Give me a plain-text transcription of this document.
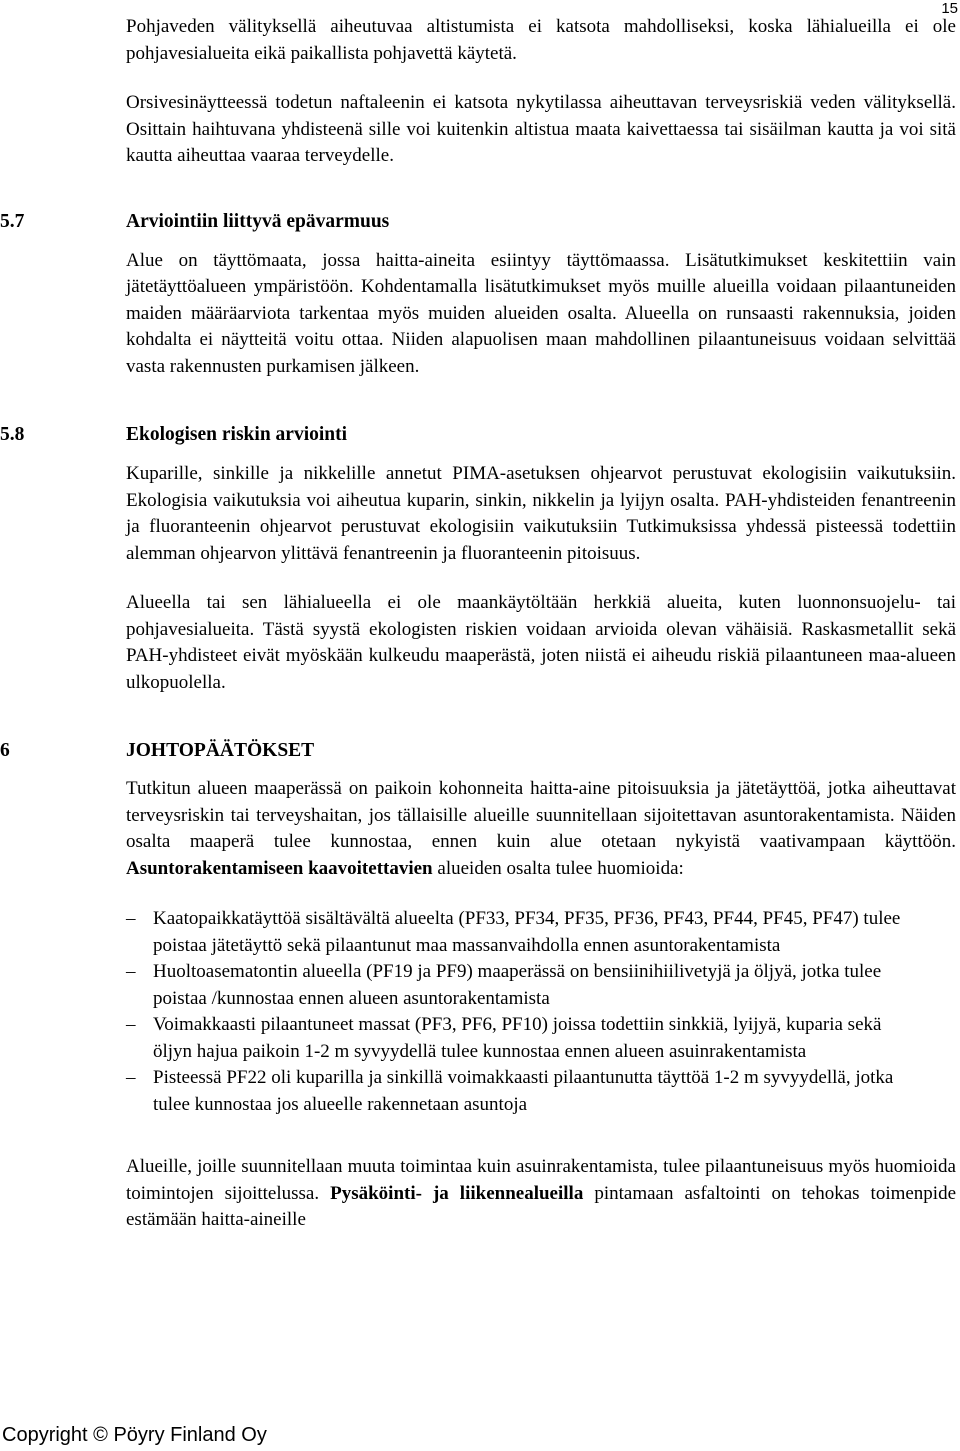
15

Pohjaveden välityksellä aiheutuvaa altistumista ei katsota mahdolliseksi, koska lähialueilla ei ole pohjavesialueita eikä paikallista pohjavettä käytetä.

Orsivesinäytteessä todetun naftaleenin ei katsota nykytilassa aiheuttavan terveysriskiä veden välityksellä. Osittain haihtuvana yhdisteenä sille voi kuitenkin altistua maata kaivettaessa tai sisäilman kautta ja voi sitä kautta aiheuttaa vaaraa terveydelle.

5.7	Arviointiin liittyvä epävarmuus

Alue on täyttömaata, jossa haitta-aineita esiintyy täyttömaassa. Lisätutkimukset keskitettiin vain jätetäyttöalueen ympäristöön. Kohdentamalla lisätutkimukset myös muille alueilla voidaan pilaantuneiden maiden määräarviota tarkentaa myös muiden alueiden osalta. Alueella on runsaasti rakennuksia, joiden kohdalta ei näytteitä voitu ottaa. Niiden alapuolisen maan mahdollinen pilaantuneisuus voidaan selvittää vasta rakennusten purkamisen jälkeen.

5.8	Ekologisen riskin arviointi

Kuparille, sinkille ja nikkelille annetut PIMA-asetuksen ohjearvot perustuvat ekologisiin vaikutuksiin. Ekologisia vaikutuksia voi aiheutua kuparin, sinkin, nikkelin ja lyijyn osalta. PAH-yhdisteiden fenantreenin ja fluoranteenin ohjearvot perustuvat ekologisiin vaikutuksiin Tutkimuksissa yhdessä pisteessä todettiin alemman ohjearvon ylittävä fenantreenin ja fluoranteenin pitoisuus.

Alueella tai sen lähialueella ei ole maankäytöltään herkkiä alueita, kuten luonnonsuojelu- tai pohjavesialueita. Tästä syystä ekologisten riskien voidaan arvioida olevan vähäisiä. Raskasmetallit sekä PAH-yhdisteet eivät myöskään kulkeudu maaperästä, joten niistä ei aiheudu riskiä pilaantuneen maa-alueen ulkopuolella.

6	JOHTOPÄÄTÖKSET

Tutkitun alueen maaperässä on paikoin kohonneita haitta-aine pitoisuuksia ja jätetäyttöä, jotka aiheuttavat terveysriskin tai terveyshaitan, jos tällaisille alueille suunnitellaan sijoitettavan asuntorakentamista. Näiden osalta maaperä tulee kunnostaa, ennen kuin alue otetaan nykyistä vaativampaan käyttöön. Asuntorakentamiseen kaavoitettavien alueiden osalta tulee huomioida:

– Kaatopaikkatäyttöä sisältävältä alueelta (PF33, PF34, PF35, PF36, PF43, PF44, PF45, PF47) tulee poistaa jätetäyttö sekä pilaantunut maa massanvaihdolla ennen asuntorakentamista
– Huoltoasematontin alueella (PF19 ja PF9) maaperässä on bensiinihiilivetyjä ja öljyä, jotka tulee poistaa /kunnostaa ennen alueen asuntorakentamista
– Voimakkaasti pilaantuneet massat (PF3, PF6, PF10) joissa todettiin sinkkiä, lyijyä, kuparia sekä öljyn hajua paikoin 1-2 m syvyydellä tulee kunnostaa ennen alueen asuinrakentamista
– Pisteessä PF22 oli kuparilla ja sinkillä voimakkaasti pilaantunutta täyttöä 1-2 m syvyydellä, jotka tulee kunnostaa jos alueelle rakennetaan asuntoja

Alueille, joille suunnitellaan muuta toimintaa kuin asuinrakentamista, tulee pilaantuneisuus myös huomioida toimintojen sijoittelussa. Pysäköinti- ja liikennealueilla pintamaan asfaltointi on tehokas toimenpide estämään haitta-aineille

Copyright © Pöyry Finland Oy
